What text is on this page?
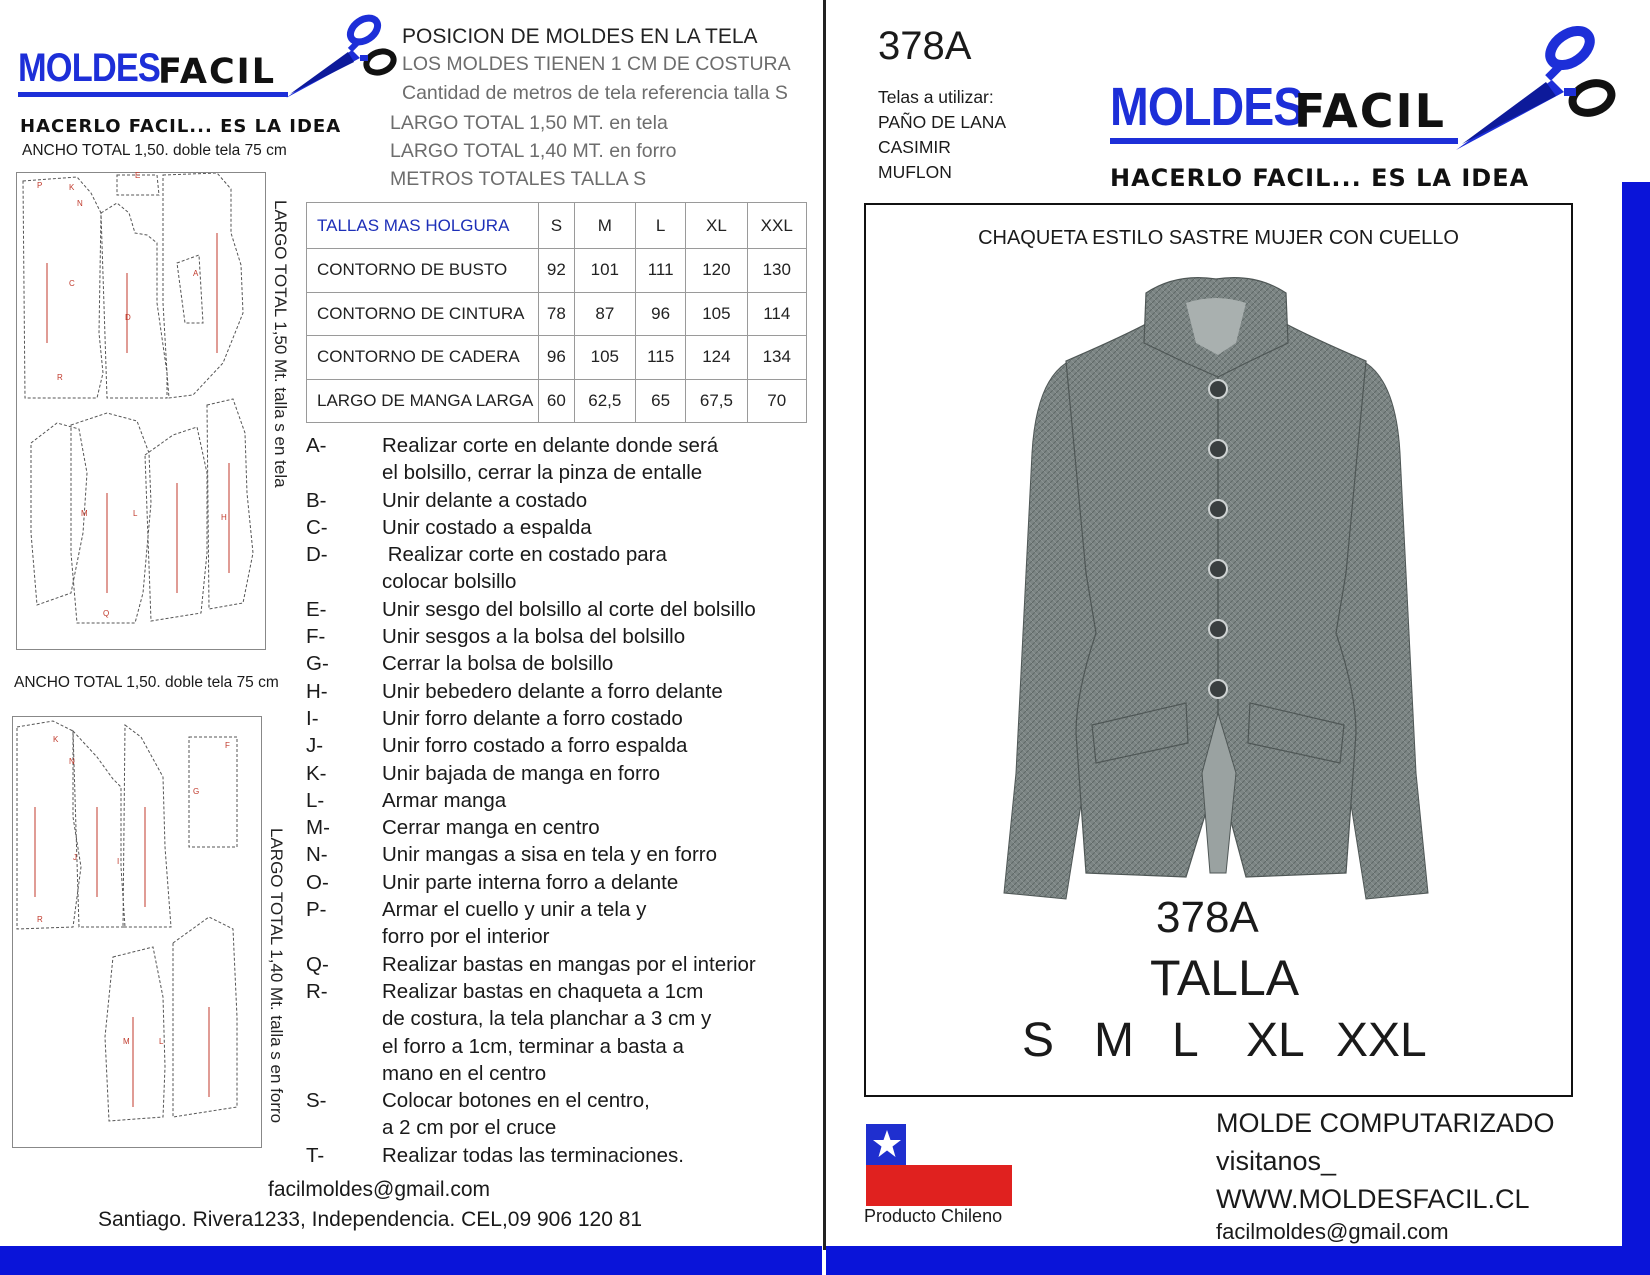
MOLDES
FACIL
HACERLO FACIL... ES LA IDEA
ANCHO TOTAL 1,50. doble tela 75 cm
POSICION DE MOLDES EN LA TELA
LOS MOLDES TIENEN 1 CM DE COSTURA
Cantidad de metros de tela referencia talla S
LARGO TOTAL 1,50 MT. en tela
LARGO TOTAL 1,40 MT. en forro
METROS TOTALES TALLA S
P	K
N
C
R
E
D
A
M	L
Q
H
LARGO TOTAL 1,50 Mt. talla s en tela
ANCHO TOTAL 1,50. doble tela 75 cm
K
N
J	I
F
G
M	L
R	LARGO TOTAL 1,40 Mt. talla s en forro
TALLAS MAS HOLGURA	S	M	L	XL	XXL
CONTORNO DE BUSTO	92	101	111	120	130
CONTORNO DE CINTURA	78	87	96	105	114
CONTORNO DE CADERA	96	105	115	124	134
LARGO DE MANGA LARGA	60	62,5	65	67,5	70
A-	Realizar corte en delante donde será
el bolsillo, cerrar la pinza de entalle
B-	Unir delante a costado
C-	Unir costado a espalda
D-	Realizar corte en costado para
colocar bolsillo
E-	Unir sesgo del bolsillo al corte del bolsillo
F-	Unir sesgos a la bolsa del bolsillo
G-	Cerrar la bolsa de bolsillo
H-	Unir bebedero delante a forro delante
I-	Unir forro delante a forro costado
J-	Unir forro costado a forro espalda
K-	Unir bajada de manga en forro
L-	Armar manga
M-	Cerrar manga en centro
N-	Unir mangas a sisa en tela y en forro
O-	Unir parte interna forro a delante
P-	Armar el cuello y unir a tela y
forro por el interior
Q-	Realizar bastas en mangas por el interior
R-	Realizar bastas en chaqueta a 1cm
de costura, la tela planchar a 3 cm y
el forro a 1cm, terminar a basta a
mano en el centro
S-	Colocar botones en el centro,
a 2 cm por el cruce
T-	Realizar todas las terminaciones.
facilmoldes@gmail.com
Santiago. Rivera1233, Independencia. CEL,09 906 120 81
378A
Telas a utilizar:
PAÑO DE LANA
CASIMIR
MUFLON
MOLDES
FACIL
HACERLO FACIL... ES LA IDEA
CHAQUETA ESTILO SASTRE MUJER CON CUELLO
378A
TALLA
S M L XL XXL
Producto Chileno
MOLDE COMPUTARIZADO
visitanos_
WWW.MOLDESFACIL.CL
facilmoldes@gmail.com
